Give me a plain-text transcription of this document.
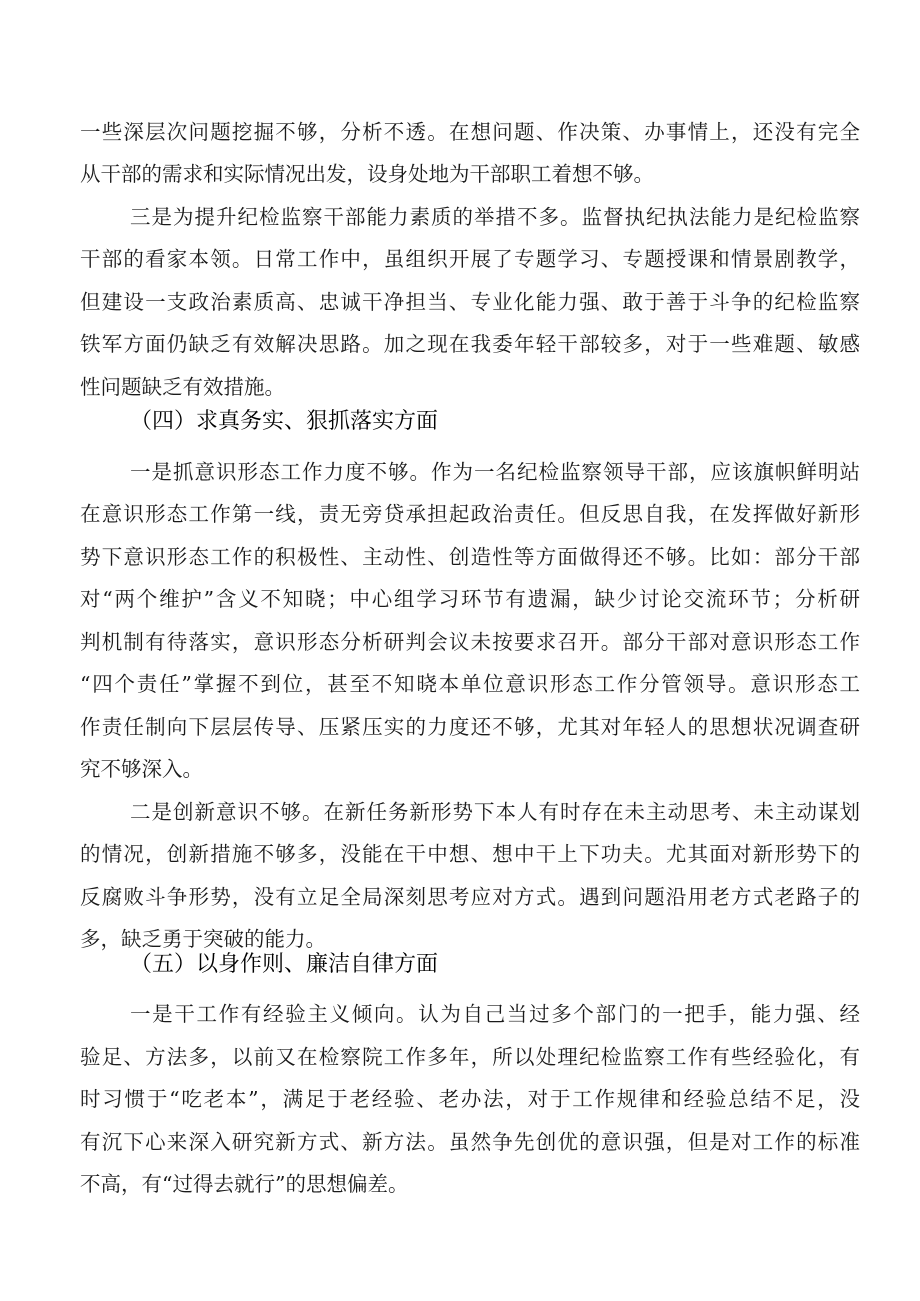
一些深层次问题挖掘不够，分析不透。在想问题、作决策、办事情上，还没有完全
从干部的需求和实际情况出发，设身处地为干部职工着想不够。
三是为提升纪检监察干部能力素质的举措不多。监督执纪执法能力是纪检监察
干部的看家本领。日常工作中，虽组织开展了专题学习、专题授课和情景剧教学，
但建设一支政治素质高、忠诚干净担当、专业化能力强、敢于善于斗争的纪检监察
铁军方面仍缺乏有效解决思路。加之现在我委年轻干部较多，对于一些难题、敏感
性问题缺乏有效措施。
（四）求真务实、狠抓落实方面
一是抓意识形态工作力度不够。作为一名纪检监察领导干部，应该旗帜鲜明站
在意识形态工作第一线，责无旁贷承担起政治责任。但反思自我，在发挥做好新形
势下意识形态工作的积极性、主动性、创造性等方面做得还不够。比如：部分干部
对“两个维护”含义不知晓；中心组学习环节有遗漏，缺少讨论交流环节；分析研
判机制有待落实，意识形态分析研判会议未按要求召开。部分干部对意识形态工作
“四个责任”掌握不到位，甚至不知晓本单位意识形态工作分管领导。意识形态工
作责任制向下层层传导、压紧压实的力度还不够，尤其对年轻人的思想状况调查研
究不够深入。
二是创新意识不够。在新任务新形势下本人有时存在未主动思考、未主动谋划
的情况，创新措施不够多，没能在干中想、想中干上下功夫。尤其面对新形势下的
反腐败斗争形势，没有立足全局深刻思考应对方式。遇到问题沿用老方式老路子的
多，缺乏勇于突破的能力。
（五）以身作则、廉洁自律方面
一是干工作有经验主义倾向。认为自己当过多个部门的一把手，能力强、经
验足、方法多，以前又在检察院工作多年，所以处理纪检监察工作有些经验化，有
时习惯于“吃老本”，满足于老经验、老办法，对于工作规律和经验总结不足，没
有沉下心来深入研究新方式、新方法。虽然争先创优的意识强，但是对工作的标准
不高，有“过得去就行”的思想偏差。
